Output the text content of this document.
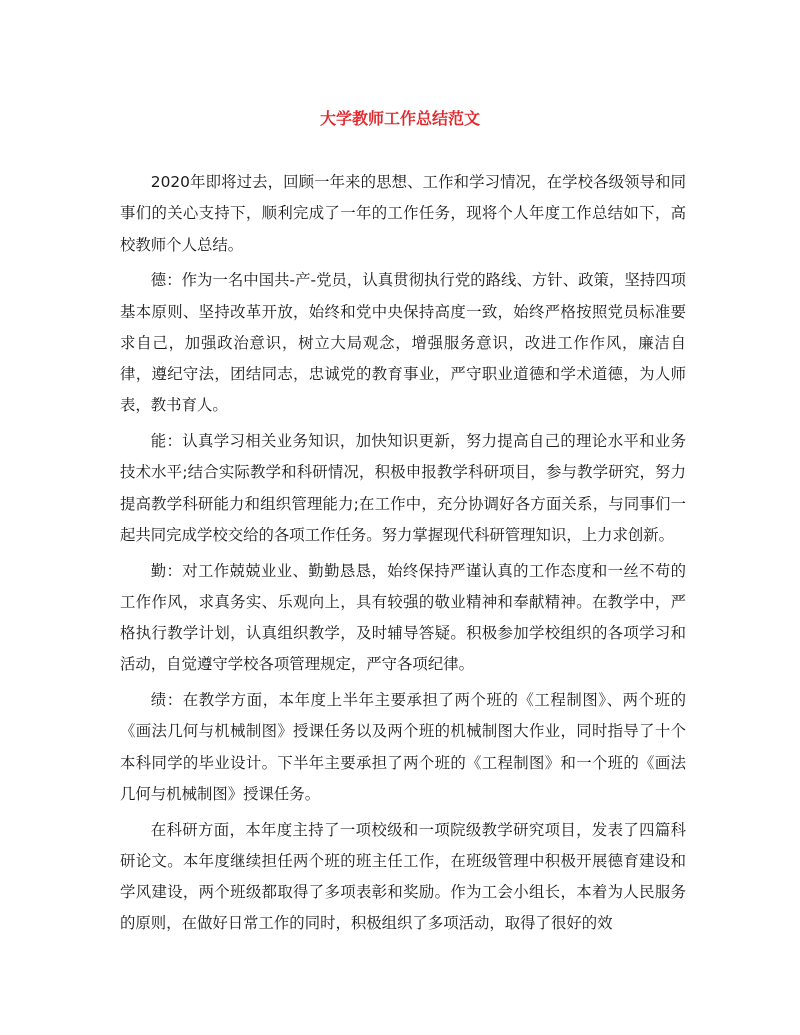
大学教师工作总结范文

2020年即将过去，回顾一年来的思想、工作和学习情况，在学校各级领导和同事们的关心支持下，顺利完成了一年的工作任务，现将个人年度工作总结如下，高校教师个人总结。

德：作为一名中国共-产-党员，认真贯彻执行党的路线、方针、政策，坚持四项基本原则、坚持改革开放，始终和党中央保持高度一致，始终严格按照党员标准要求自己，加强政治意识，树立大局观念，增强服务意识，改进工作作风，廉洁自律，遵纪守法，团结同志，忠诚党的教育事业，严守职业道德和学术道德，为人师表，教书育人。

能：认真学习相关业务知识，加快知识更新，努力提高自己的理论水平和业务技术水平;结合实际教学和科研情况，积极申报教学科研项目，参与教学研究，努力提高教学科研能力和组织管理能力;在工作中，充分协调好各方面关系，与同事们一起共同完成学校交给的各项工作任务。努力掌握现代科研管理知识，上力求创新。

勤：对工作兢兢业业、勤勤恳恳，始终保持严谨认真的工作态度和一丝不苟的工作作风，求真务实、乐观向上，具有较强的敬业精神和奉献精神。在教学中，严格执行教学计划，认真组织教学，及时辅导答疑。积极参加学校组织的各项学习和活动，自觉遵守学校各项管理规定，严守各项纪律。

绩：在教学方面，本年度上半年主要承担了两个班的《工程制图》、两个班的《画法几何与机械制图》授课任务以及两个班的机械制图大作业，同时指导了十个本科同学的毕业设计。下半年主要承担了两个班的《工程制图》和一个班的《画法几何与机械制图》授课任务。

在科研方面，本年度主持了一项校级和一项院级教学研究项目，发表了四篇科研论文。本年度继续担任两个班的班主任工作，在班级管理中积极开展德育建设和学风建设，两个班级都取得了多项表彰和奖励。作为工会小组长，本着为人民服务的原则，在做好日常工作的同时，积极组织了多项活动，取得了很好的效
